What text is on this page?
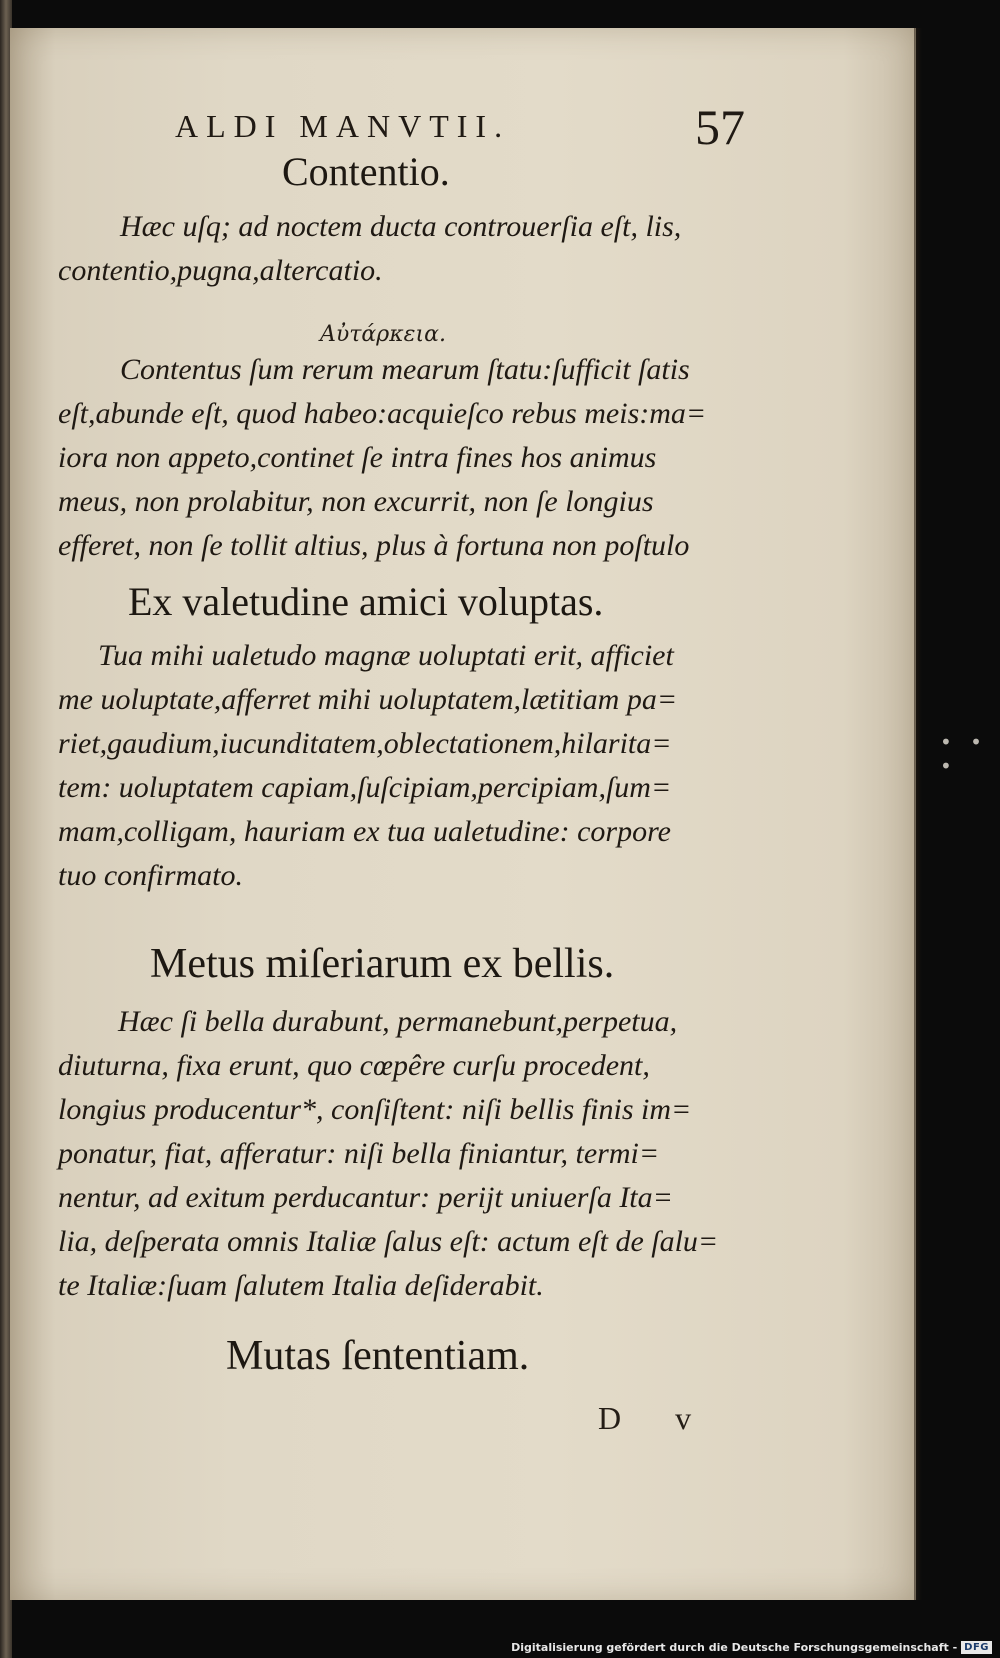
ALDI MANVTII.	57
Contentio.

Hæc uſq; ad noctem ducta controuerſia eſt, lis,
contentio,pugna,altercatio.

Αὐτάρκεια.

Contentus ſum rerum mearum ſtatu:ſufficit ſatis
eſt,abunde eſt, quod habeo:acquieſco rebus meis:ma=
iora non appeto,continet ſe intra fines hos animus
meus, non prolabitur, non excurrit, non ſe longius
efferet, non ſe tollit altius, plus à fortuna non poſtulo

Ex valetudine amici voluptas.

Tua mihi ualetudo magnæ uoluptati erit, afficiet
me uoluptate,afferret mihi uoluptatem,lætitiam pa=
riet,gaudium,iucunditatem,oblectationem,hilarita=
tem: uoluptatem capiam,ſuſcipiam,percipiam,ſum=
mam,colligam, hauriam ex tua ualetudine: corpore
tuo confirmato.

Metus miſeriarum ex bellis.

Hæc ſi bella durabunt, permanebunt,perpetua,
diuturna, fixa erunt, quo cœpêre curſu procedent,
longius producentur*, conſiſtent: niſi bellis finis im=
ponatur, fiat, afferatur: niſi bella finiantur, termi=
nentur, ad exitum perducantur: perijt uniuerſa Ita=
lia, deſperata omnis Italiæ ſalus eſt: actum eſt de ſalu=
te Italiæ:ſuam ſalutem Italia deſiderabit.

Mutas ſententiam.
D v
• • •
Digitalisierung gefördert durch die Deutsche Forschungsgemeinschaft - DFG
